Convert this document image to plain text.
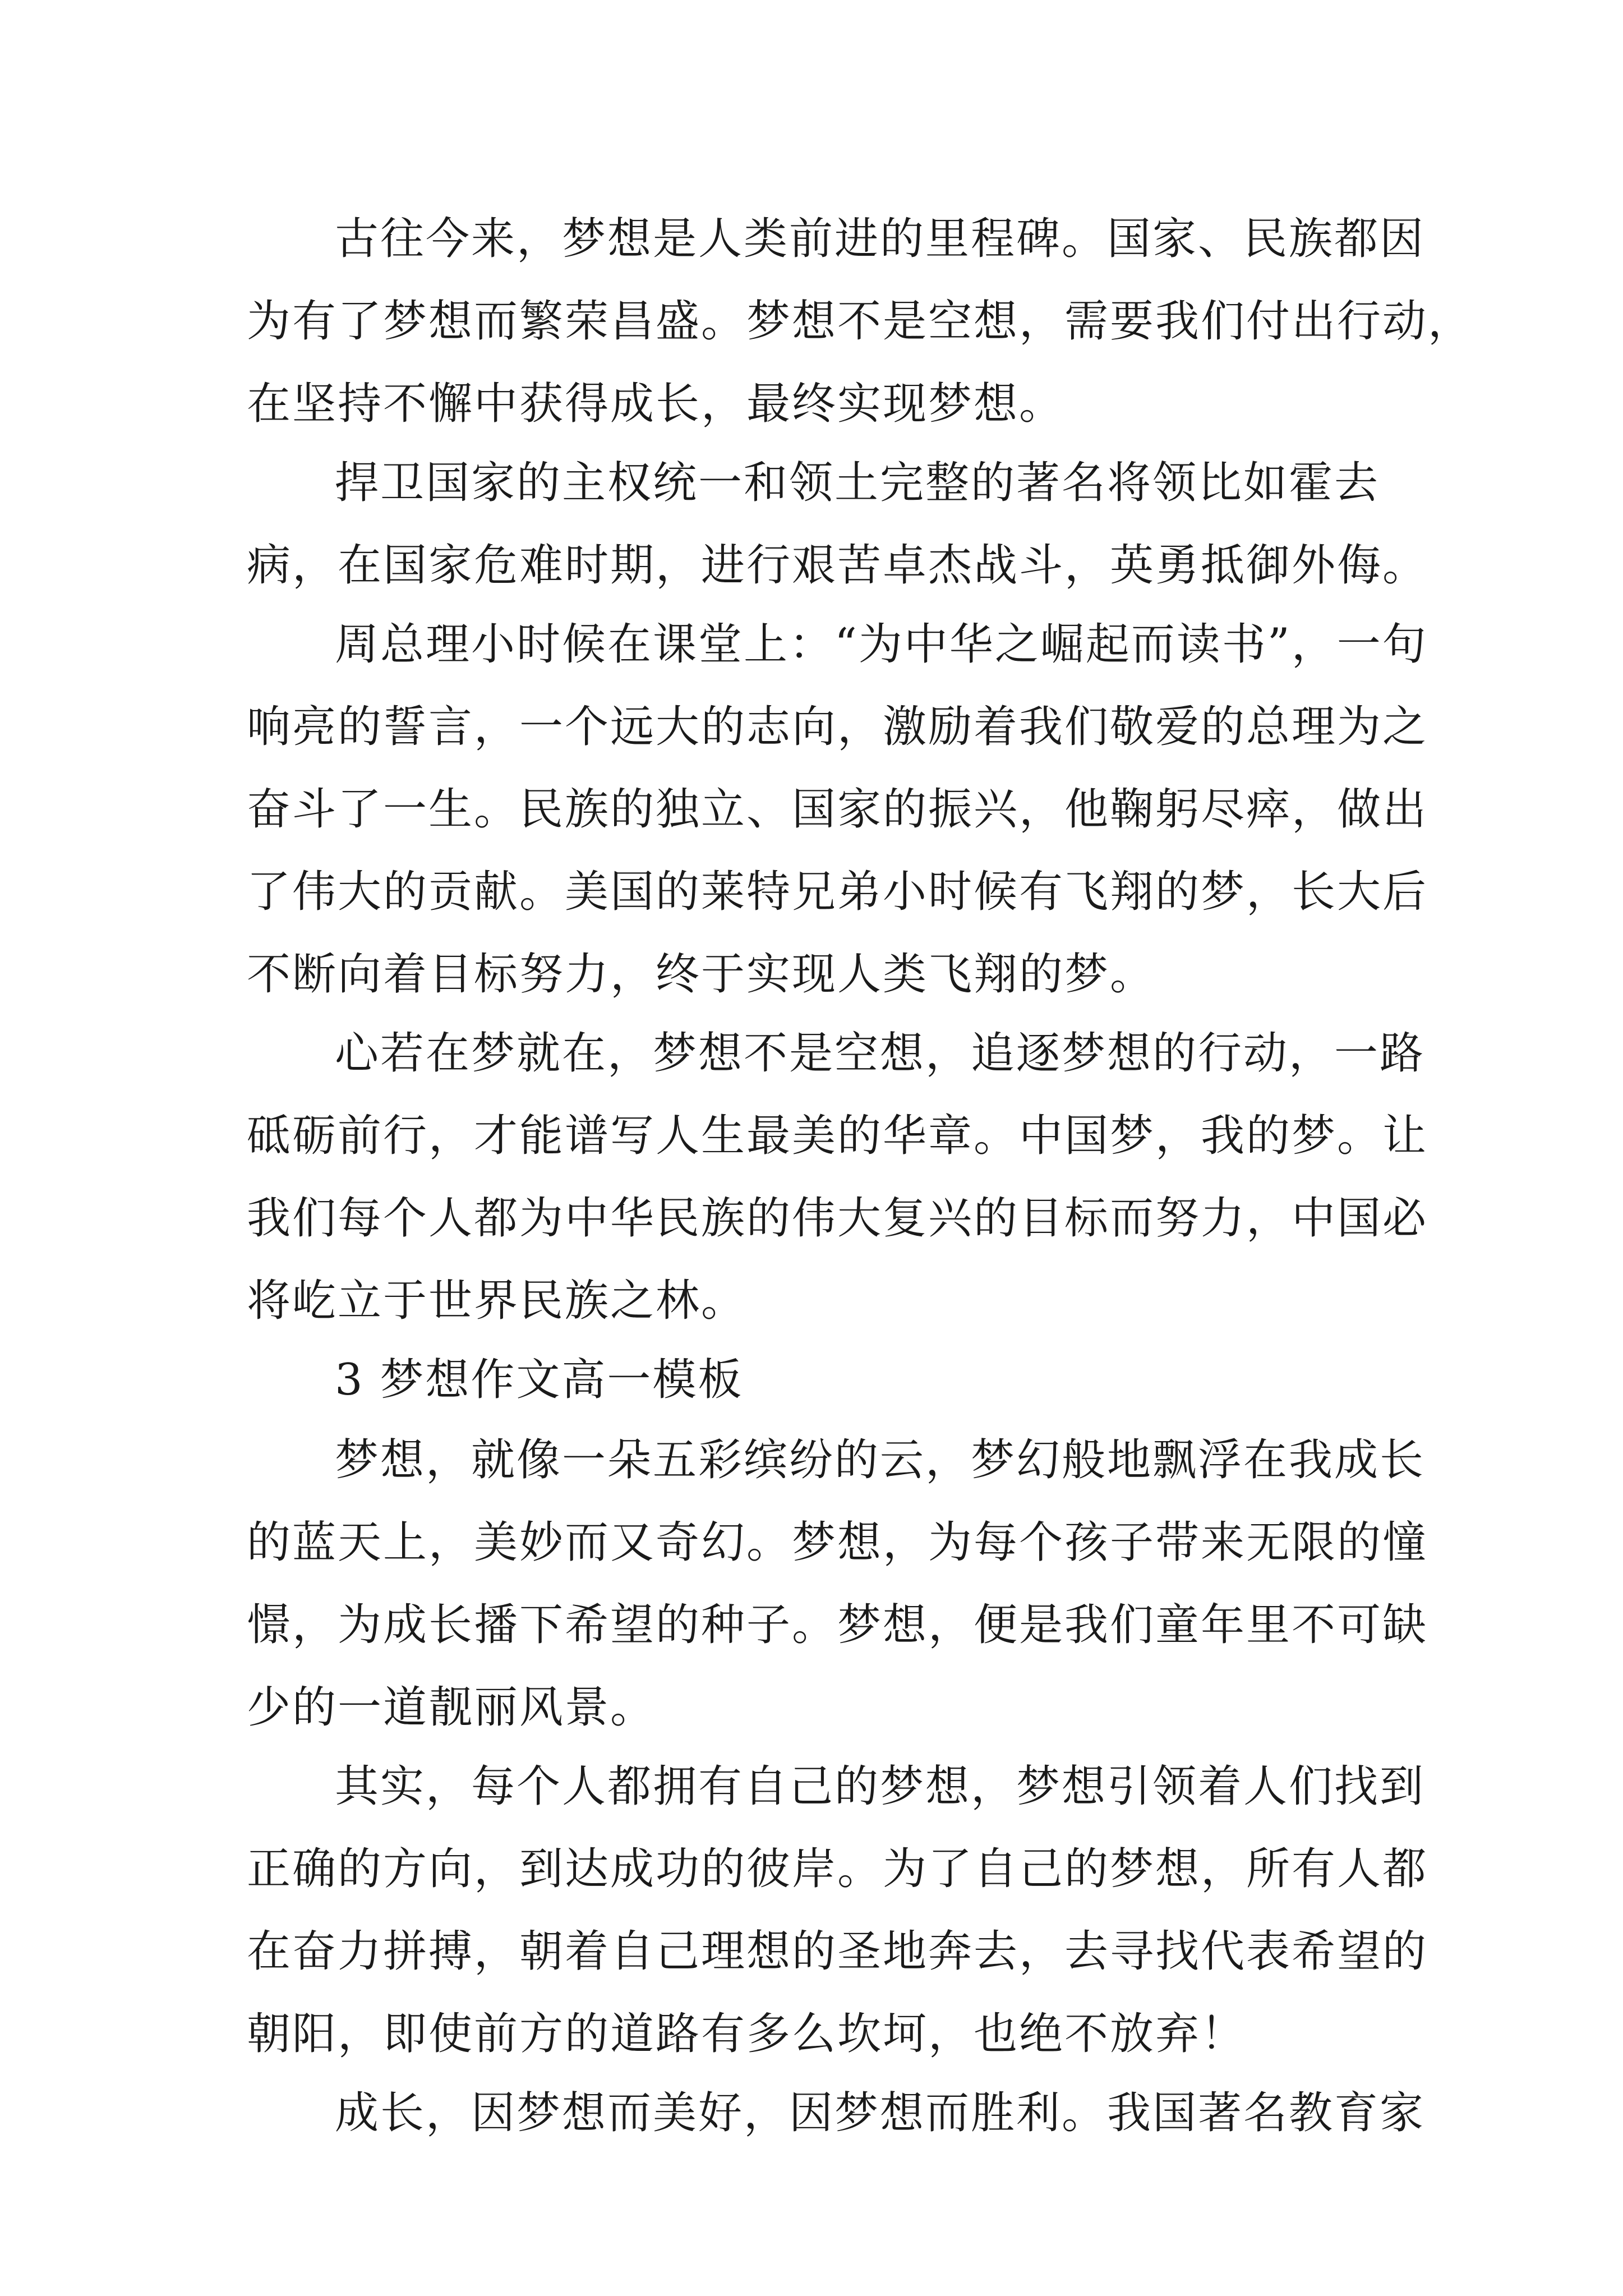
古往今来，梦想是人类前进的里程碑。国家、民族都因
为有了梦想而繁荣昌盛。梦想不是空想，需要我们付出行动，
在坚持不懈中获得成长，最终实现梦想。
捍卫国家的主权统一和领土完整的著名将领比如霍去
病，在国家危难时期，进行艰苦卓杰战斗，英勇抵御外侮。
周总理小时候在课堂上：“为中华之崛起而读书”，一句
响亮的誓言，一个远大的志向，激励着我们敬爱的总理为之
奋斗了一生。民族的独立、国家的振兴，他鞠躬尽瘁，做出
了伟大的贡献。美国的莱特兄弟小时候有飞翔的梦，长大后
不断向着目标努力，终于实现人类飞翔的梦。
心若在梦就在，梦想不是空想，追逐梦想的行动，一路
砥砺前行，才能谱写人生最美的华章。中国梦，我的梦。让
我们每个人都为中华民族的伟大复兴的目标而努力，中国必
将屹立于世界民族之林。
3 梦想作文高一模板
梦想，就像一朵五彩缤纷的云，梦幻般地飘浮在我成长
的蓝天上，美妙而又奇幻。梦想，为每个孩子带来无限的憧
憬，为成长播下希望的种子。梦想，便是我们童年里不可缺
少的一道靓丽风景。
其实，每个人都拥有自己的梦想，梦想引领着人们找到
正确的方向，到达成功的彼岸。为了自己的梦想，所有人都
在奋力拼搏，朝着自己理想的圣地奔去，去寻找代表希望的
朝阳，即使前方的道路有多么坎坷，也绝不放弃！
成长，因梦想而美好，因梦想而胜利。我国著名教育家
